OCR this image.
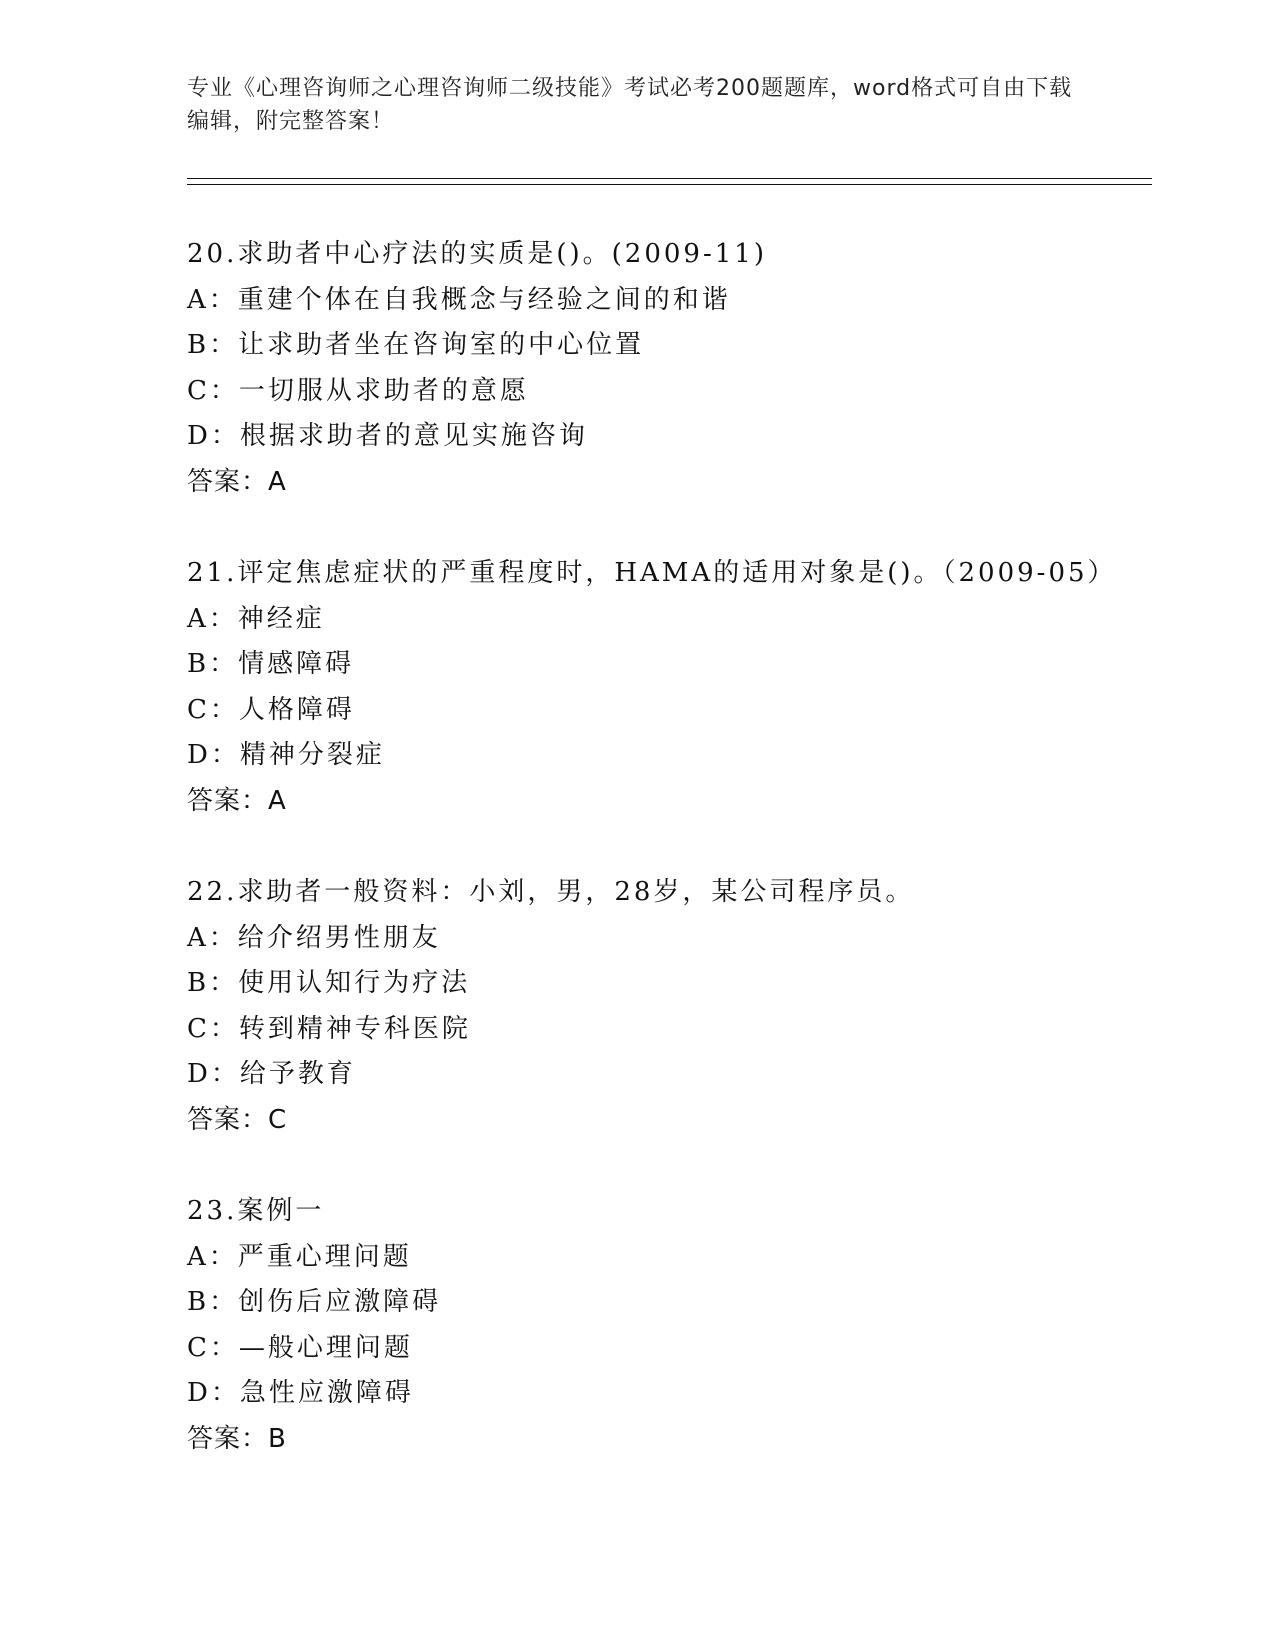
专业《心理咨询师之心理咨询师二级技能》考试必考200题题库，word格式可自由下载编辑，附完整答案！
20.求助者中心疗法的实质是()。(2009-11)
A：重建个体在自我概念与经验之间的和谐
B：让求助者坐在咨询室的中心位置
C：一切服从求助者的意愿
D：根据求助者的意见实施咨询
答案：A
21.评定焦虑症状的严重程度时，HAMA的适用对象是()。（2009-05）
A：神经症
B：情感障碍
C：人格障碍
D：精神分裂症
答案：A
22.求助者一般资料：小刘，男，28岁，某公司程序员。
A：给介绍男性朋友
B：使用认知行为疗法
C：转到精神专科医院
D：给予教育
答案：C
23.案例一
A：严重心理问题
B：创伤后应激障碍
C：—般心理问题
D：急性应激障碍
答案：B
